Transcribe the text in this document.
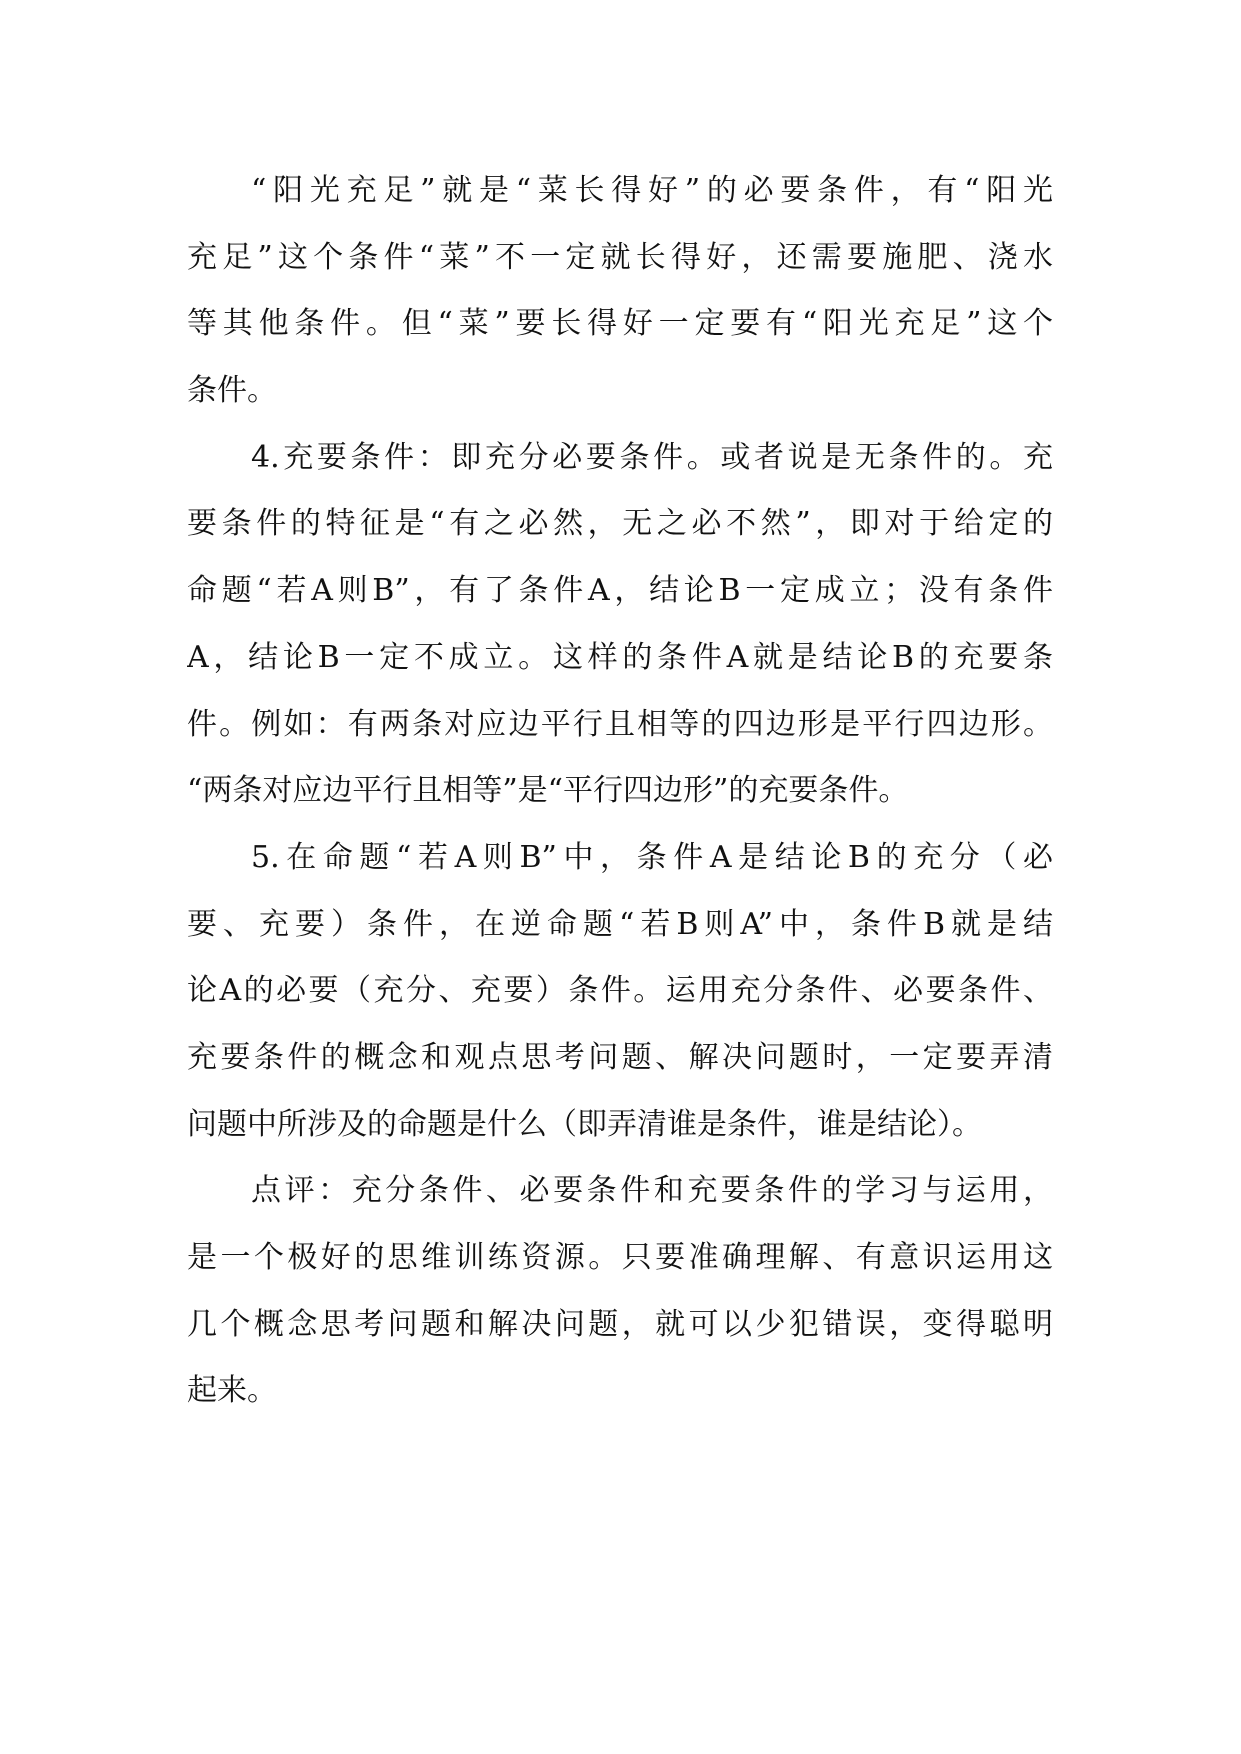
“阳光充足”就是“菜长得好”的必要条件，有“阳光
充足”这个条件“菜”不一定就长得好，还需要施肥、浇水
等其他条件。但“菜”要长得好一定要有“阳光充足”这个
条件。
4.充要条件：即充分必要条件。或者说是无条件的。充
要条件的特征是“有之必然，无之必不然”，即对于给定的
命题“若A则B”，有了条件A，结论B一定成立；没有条件
A，结论B一定不成立。这样的条件A就是结论B的充要条
件。例如：有两条对应边平行且相等的四边形是平行四边形。
“两条对应边平行且相等”是“平行四边形”的充要条件。
5.在命题“若A则B”中，条件A是结论B的充分（必
要、充要）条件，在逆命题“若B则A”中，条件B就是结
论A的必要（充分、充要）条件。运用充分条件、必要条件、
充要条件的概念和观点思考问题、解决问题时，一定要弄清
问题中所涉及的命题是什么（即弄清谁是条件，谁是结论）。
点评：充分条件、必要条件和充要条件的学习与运用，
是一个极好的思维训练资源。只要准确理解、有意识运用这
几个概念思考问题和解决问题，就可以少犯错误，变得聪明
起来。
